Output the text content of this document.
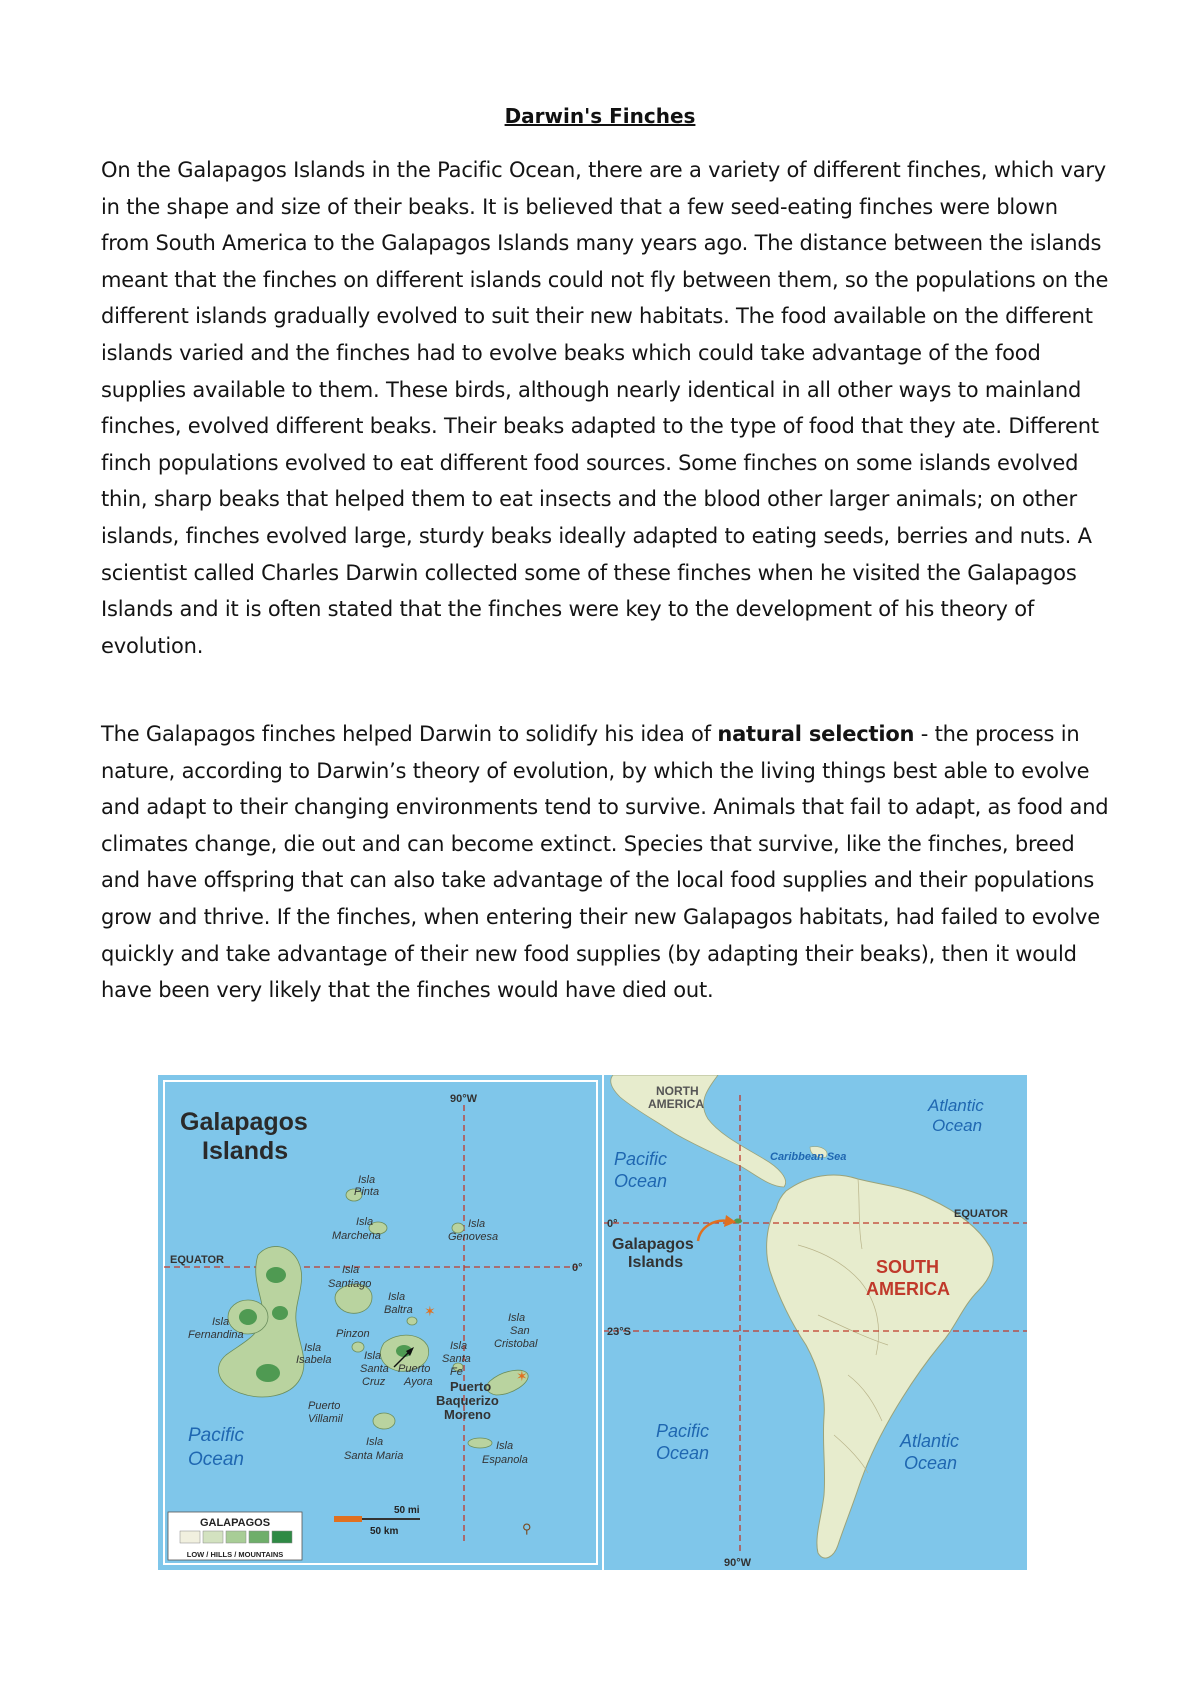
Darwin's Finches

On the Galapagos Islands in the Pacific Ocean, there are a variety of different finches, which vary in the shape and size of their beaks. It is believed that a few seed-eating finches were blown from South America to the Galapagos Islands many years ago. The distance between the islands meant that the finches on different islands could not fly between them, so the populations on the different islands gradually evolved to suit their new habitats. The food available on the different islands varied and the finches had to evolve beaks which could take advantage of the food supplies available to them. These birds, although nearly identical in all other ways to mainland finches, evolved different beaks. Their beaks adapted to the type of food that they ate. Different finch populations evolved to eat different food sources. Some finches on some islands evolved thin, sharp beaks that helped them to eat insects and the blood other larger animals; on other islands, finches evolved large, sturdy beaks ideally adapted to eating seeds, berries and nuts. A scientist called Charles Darwin collected some of these finches when he visited the Galapagos Islands and it is often stated that the finches were key to the development of his theory of evolution.

The Galapagos finches helped Darwin to solidify his idea of natural selection - the process in nature, according to Darwin’s theory of evolution, by which the living things best able to evolve and adapt to their changing environments tend to survive. Animals that fail to adapt, as food and climates change, die out and can become extinct. Species that survive, like the finches, breed and have offspring that can also take advantage of the local food supplies and their populations grow and thrive. If the finches, when entering their new Galapagos habitats, had failed to evolve quickly and take advantage of their new food supplies (by adapting their beaks), then it would have been very likely that the finches would have died out.

✶
✶
Galapagos
Islands
90°W
EQUATOR
0°
Pacific
Ocean
Isla
Pinta
Isla
Marchena
Isla
Genovesa
Isla
Santiago
Isla
Baltra
Isla
Fernandina	Pinzon
Isla
Isabela	Isla
Santa
Cruz
Puerto
Ayora
Isla
Santa
Fe
Isla
San
Cristobal
Puerto
Villamil
Isla
Santa Maria
Isla
Espanola
Puerto
Baquerizo
Moreno
GALAPAGOS
LOW / HILLS / MOUNTAINS
50 mi
50 km	⚲
NORTH
AMERICA	Atlantic
Ocean
Caribbean Sea
Pacific
Ocean
EQUATOR
0°
Galapagos
Islands	SOUTH
AMERICA
23°S
Pacific
Ocean
Atlantic
Ocean
90°W
